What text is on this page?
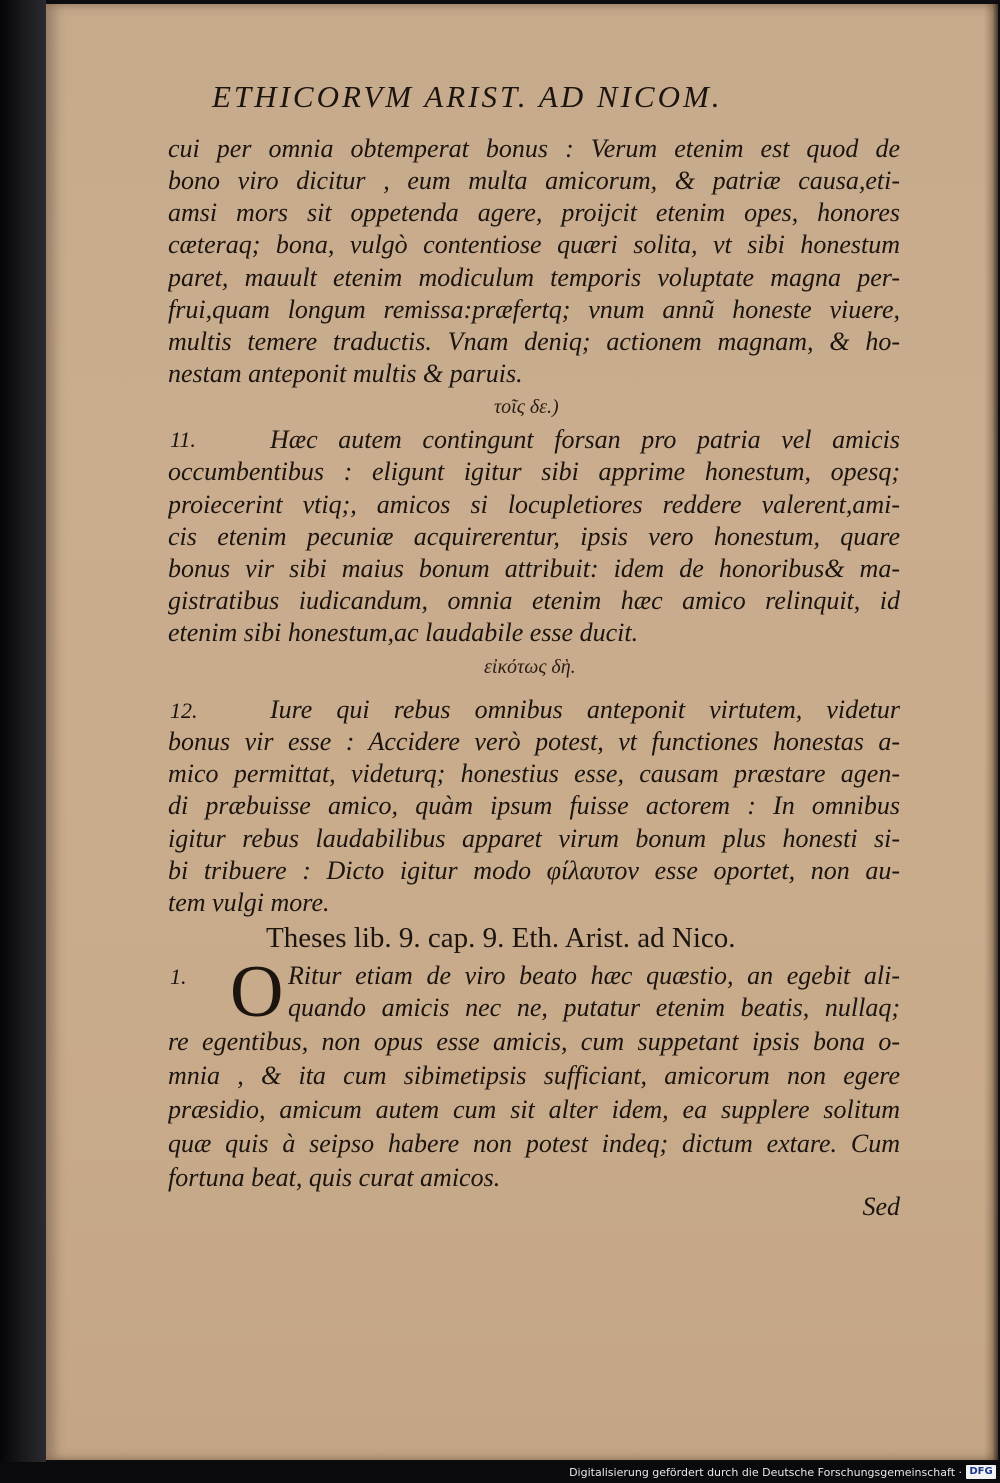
ETHICORVM ARIST. AD NICOM.
cui per omnia obtemperat bonus : Verum etenim est quod de
bono viro dicitur , eum multa amicorum, & patriæ causa,eti-
amsi mors sit oppetenda agere, proijcit etenim opes, honores
cæteraq; bona, vulgò contentiose quæri solita, vt sibi honestum
paret, mauult etenim modiculum temporis voluptate magna per-
frui,quam longum remissa:præfertq; vnum annũ honeste viuere,
multis temere traductis. Vnam deniq; actionem magnam, & ho-
nestam anteponit multis & paruis.
τοῖς δε.)
11.	Hæc autem contingunt forsan pro patria vel amicis
occumbentibus : eligunt igitur sibi apprime honestum, opesq;
proiecerint vtiq;, amicos si locupletiores reddere valerent,ami-
cis etenim pecuniæ acquirerentur, ipsis vero honestum, quare
bonus vir sibi maius bonum attribuit: idem de honoribus& ma-
gistratibus iudicandum, omnia etenim hæc amico relinquit, id
etenim sibi honestum,ac laudabile esse ducit.
εἰκότως δὴ.
12.	Iure qui rebus omnibus anteponit virtutem, videtur
bonus vir esse : Accidere verò potest, vt functiones honestas a-
mico permittat, videturq; honestius esse, causam præstare agen-
di præbuisse amico, quàm ipsum fuisse actorem : In omnibus
igitur rebus laudabilibus apparet virum bonum plus honesti si-
bi tribuere : Dicto igitur modo φίλαυτον esse oportet, non au-
tem vulgi more.
Theses lib. 9. cap. 9. Eth. Arist. ad Nico.
1. O Ritur etiam de viro beato hæc quæstio, an egebit ali-
quando amicis nec ne, putatur etenim beatis, nullaq;
re egentibus, non opus esse amicis, cum suppetant ipsis bona o-
mnia , & ita cum sibimetipsis sufficiant, amicorum non egere
præsidio, amicum autem cum sit alter idem, ea supplere solitum
quæ quis à seipso habere non potest indeq; dictum extare. Cum
fortuna beat, quis curat amicos.
Sed
Digitalisierung gefördert durch die Deutsche Forschungsgemeinschaft · DFG
